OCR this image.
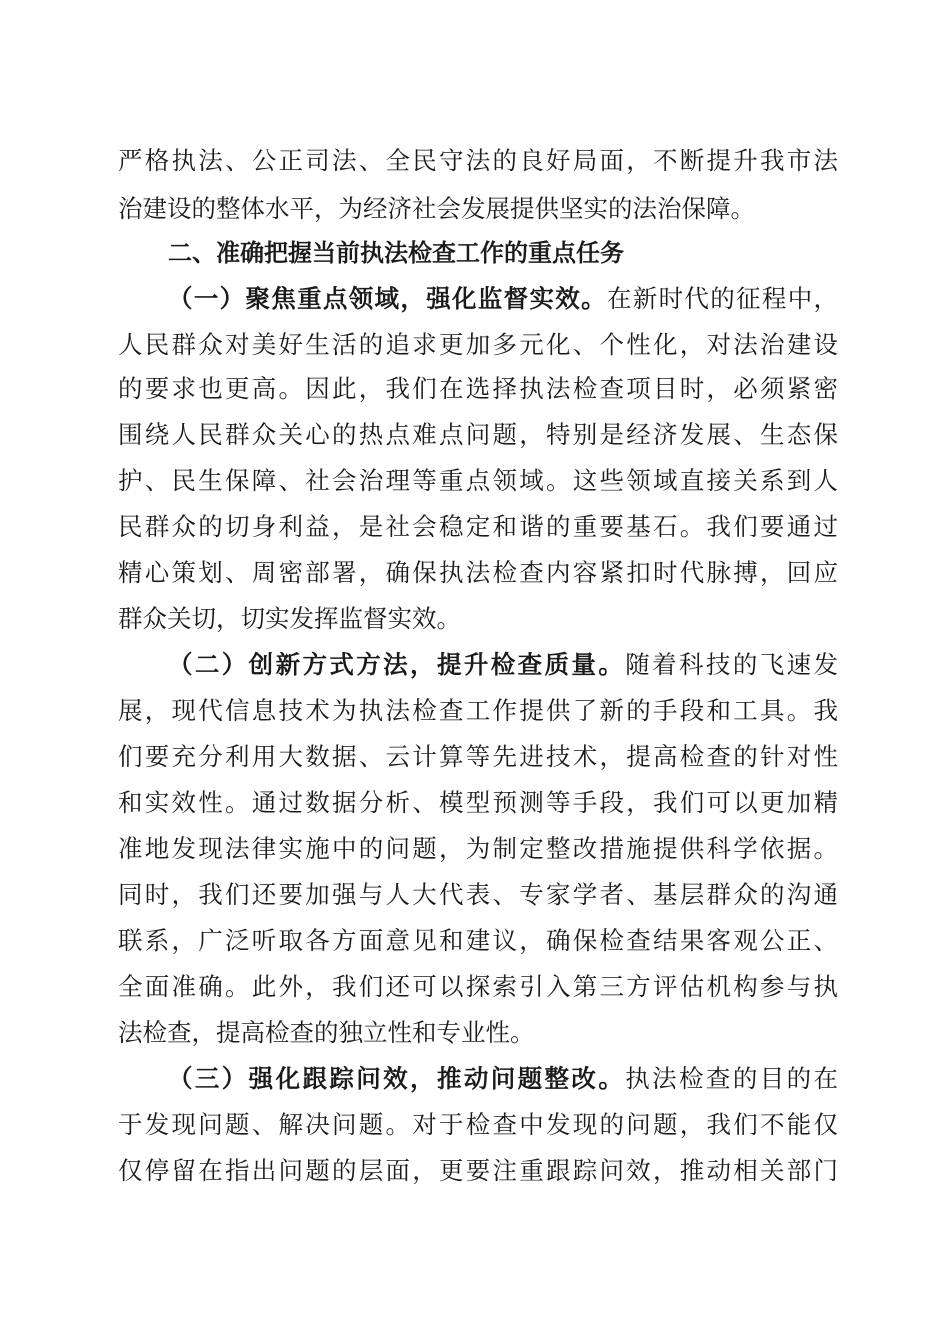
严格执法、公正司法、全民守法的良好局面，不断提升我市法
治建设的整体水平，为经济社会发展提供坚实的法治保障。
二、准确把握当前执法检查工作的重点任务
（一）聚焦重点领域，强化监督实效。在新时代的征程中，
人民群众对美好生活的追求更加多元化、个性化，对法治建设
的要求也更高。因此，我们在选择执法检查项目时，必须紧密
围绕人民群众关心的热点难点问题，特别是经济发展、生态保
护、民生保障、社会治理等重点领域。这些领域直接关系到人
民群众的切身利益，是社会稳定和谐的重要基石。我们要通过
精心策划、周密部署，确保执法检查内容紧扣时代脉搏，回应
群众关切，切实发挥监督实效。
（二）创新方式方法，提升检查质量。随着科技的飞速发
展，现代信息技术为执法检查工作提供了新的手段和工具。我
们要充分利用大数据、云计算等先进技术，提高检查的针对性
和实效性。通过数据分析、模型预测等手段，我们可以更加精
准地发现法律实施中的问题，为制定整改措施提供科学依据。
同时，我们还要加强与人大代表、专家学者、基层群众的沟通
联系，广泛听取各方面意见和建议，确保检查结果客观公正、
全面准确。此外，我们还可以探索引入第三方评估机构参与执
法检查，提高检查的独立性和专业性。
（三）强化跟踪问效，推动问题整改。执法检查的目的在
于发现问题、解决问题。对于检查中发现的问题，我们不能仅
仅停留在指出问题的层面，更要注重跟踪问效，推动相关部门
